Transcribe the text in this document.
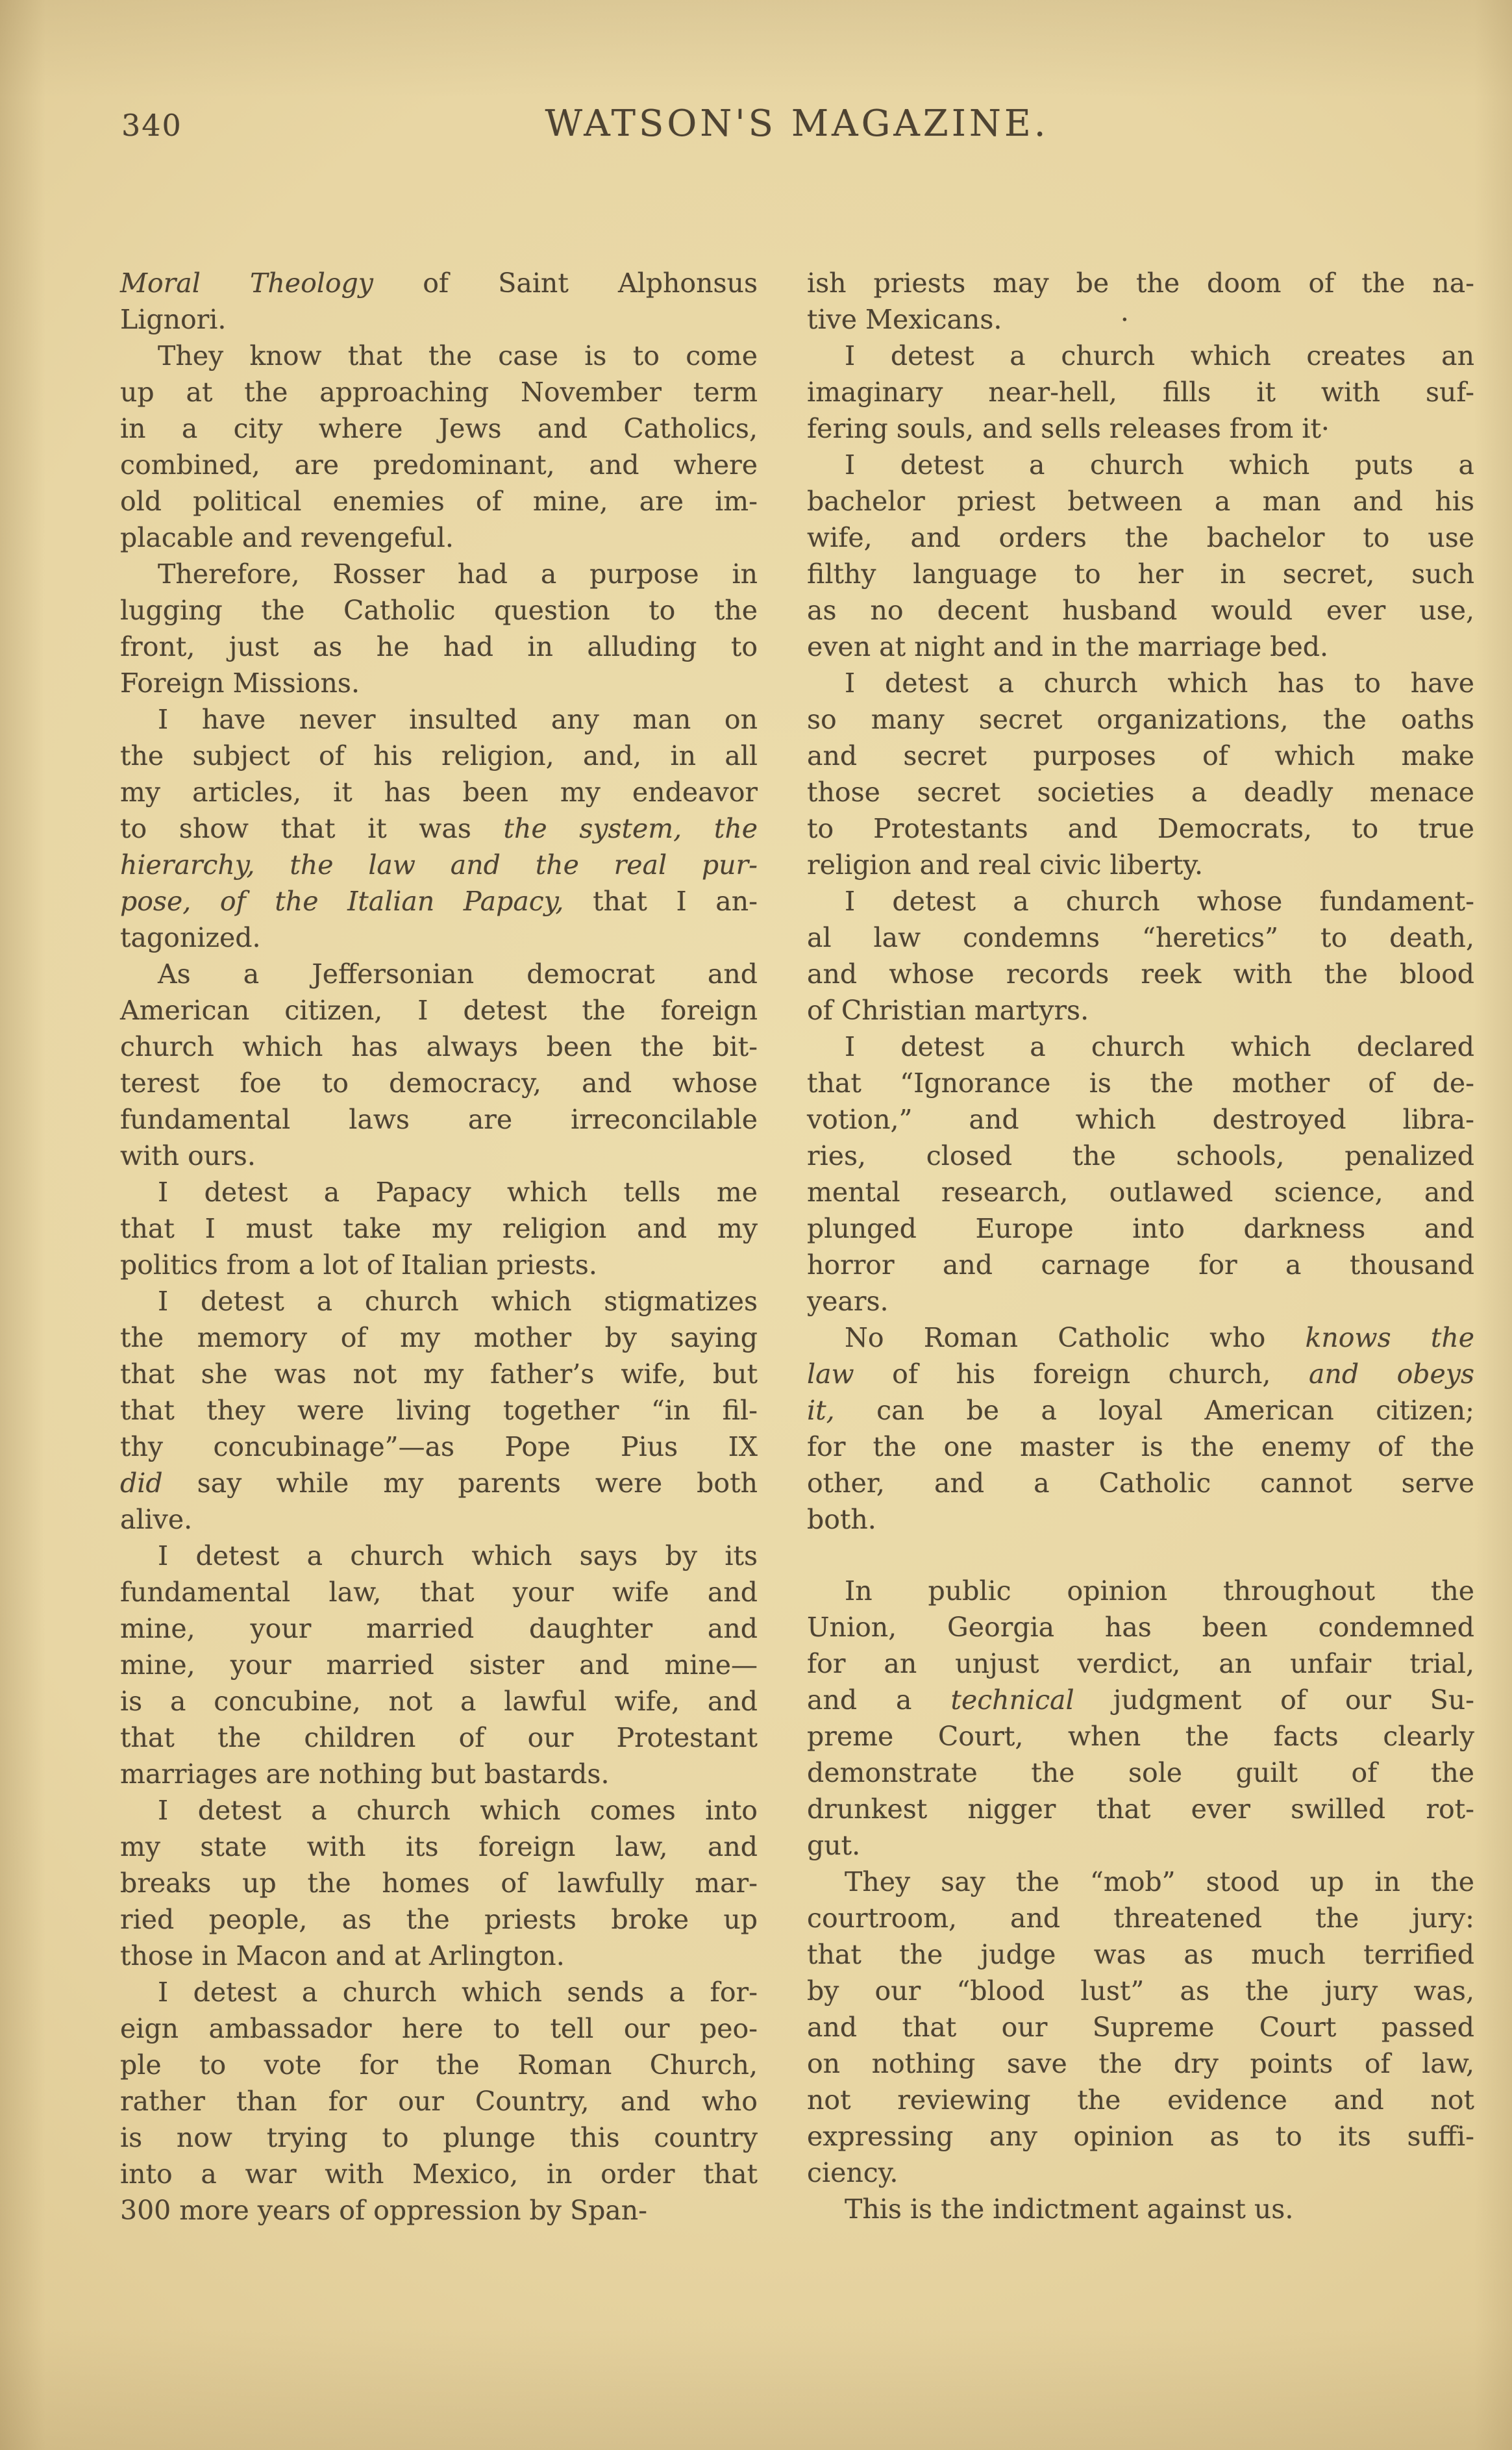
340	WATSON'S MAGAZINE.
Moral Theology of Saint Alphonsus
Lignori.
They know that the case is to come
up at the approaching November term
in a city where Jews and Catholics,
combined, are predominant, and where
old political enemies of mine, are im-
placable and revengeful.
Therefore, Rosser had a purpose in
lugging the Catholic question to the
front, just as he had in alluding to
Foreign Missions.
I have never insulted any man on
the subject of his religion, and, in all
my articles, it has been my endeavor
to show that it was the system, the
hierarchy, the law and the real pur-
pose, of the Italian Papacy, that I an-
tagonized.
As a Jeffersonian democrat and
American citizen, I detest the foreign
church which has always been the bit-
terest foe to democracy, and whose
fundamental laws are irreconcilable
with ours.
I detest a Papacy which tells me
that I must take my religion and my
politics from a lot of Italian priests.
I detest a church which stigmatizes
the memory of my mother by saying
that she was not my father’s wife, but
that they were living together “in fil-
thy concubinage”—as Pope Pius IX
did say while my parents were both
alive.
I detest a church which says by its
fundamental law, that your wife and
mine, your married daughter and
mine, your married sister and mine—
is a concubine, not a lawful wife, and
that the children of our Protestant
marriages are nothing but bastards.
I detest a church which comes into
my state with its foreign law, and
breaks up the homes of lawfully mar-
ried people, as the priests broke up
those in Macon and at Arlington.
I detest a church which sends a for-
eign ambassador here to tell our peo-
ple to vote for the Roman Church,
rather than for our Country, and who
is now trying to plunge this country
into a war with Mexico, in order that
300 more years of oppression by Span-
ish priests may be the doom of the na-
tive Mexicans.              ·
I detest a church which creates an
imaginary near-hell, fills it with suf-
fering souls, and sells releases from it·
I detest a church which puts a
bachelor priest between a man and his
wife, and orders the bachelor to use
filthy language to her in secret, such
as no decent husband would ever use,
even at night and in the marriage bed.
I detest a church which has to have
so many secret organizations, the oaths
and secret purposes of which make
those secret societies a deadly menace
to Protestants and Democrats, to true
religion and real civic liberty.
I detest a church whose fundament-
al law condemns “heretics” to death,
and whose records reek with the blood
of Christian martyrs.
I detest a church which declared
that “Ignorance is the mother of de-
votion,” and which destroyed libra-
ries, closed the schools, penalized
mental research, outlawed science, and
plunged Europe into darkness and
horror and carnage for a thousand
years.
No Roman Catholic who knows the
law of his foreign church, and obeys
it, can be a loyal American citizen;
for the one master is the enemy of the
other, and a Catholic cannot serve
both.
In public opinion throughout the
Union, Georgia has been condemned
for an unjust verdict, an unfair trial,
and a technical judgment of our Su-
preme Court, when the facts clearly
demonstrate the sole guilt of the
drunkest nigger that ever swilled rot-
gut.
They say the “mob” stood up in the
courtroom, and threatened the jury:
that the judge was as much terrified
by our “blood lust” as the jury was,
and that our Supreme Court passed
on nothing save the dry points of law,
not reviewing the evidence and not
expressing any opinion as to its suffi-
ciency.
This is the indictment against us.
